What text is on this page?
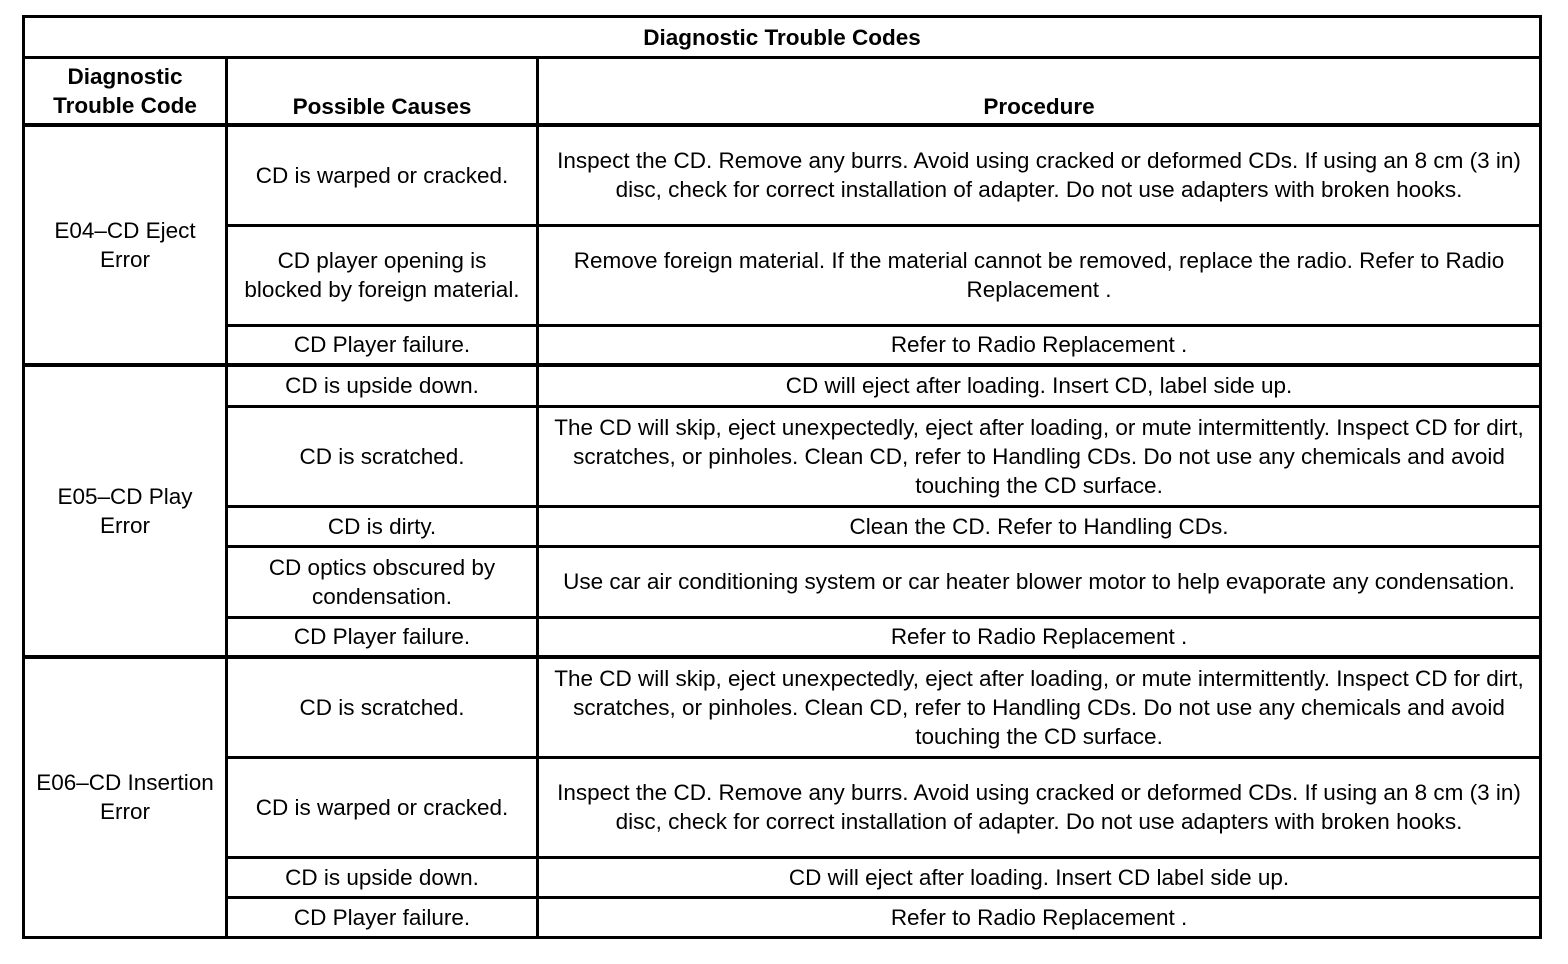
Diagnostic Trouble Codes		
Diagnostic Trouble Code	Possible Causes	Procedure
E04–CD Eject Error	CD is warped or cracked.	Inspect the CD. Remove any burrs. Avoid using cracked or deformed CDs. If using an 8 cm (3 in) disc, check for correct installation of adapter. Do not use adapters with broken hooks.
	CD player opening is blocked by foreign material.	Remove foreign material. If the material cannot be removed, replace the radio. Refer to Radio Replacement .
	CD Player failure.	Refer to Radio Replacement .
E05–CD Play Error	CD is upside down.	CD will eject after loading. Insert CD, label side up.
	CD is scratched.	The CD will skip, eject unexpectedly, eject after loading, or mute intermittently. Inspect CD for dirt, scratches, or pinholes. Clean CD, refer to Handling CDs. Do not use any chemicals and avoid touching the CD surface.
	CD is dirty.	Clean the CD. Refer to Handling CDs.
	CD optics obscured by condensation.	Use car air conditioning system or car heater blower motor to help evaporate any condensation.
	CD Player failure.	Refer to Radio Replacement .
E06–CD Insertion Error	CD is scratched.	The CD will skip, eject unexpectedly, eject after loading, or mute intermittently. Inspect CD for dirt, scratches, or pinholes. Clean CD, refer to Handling CDs. Do not use any chemicals and avoid touching the CD surface.
	CD is warped or cracked.	Inspect the CD. Remove any burrs. Avoid using cracked or deformed CDs. If using an 8 cm (3 in) disc, check for correct installation of adapter. Do not use adapters with broken hooks.
	CD is upside down.	CD will eject after loading. Insert CD label side up.
	CD Player failure.	Refer to Radio Replacement .
